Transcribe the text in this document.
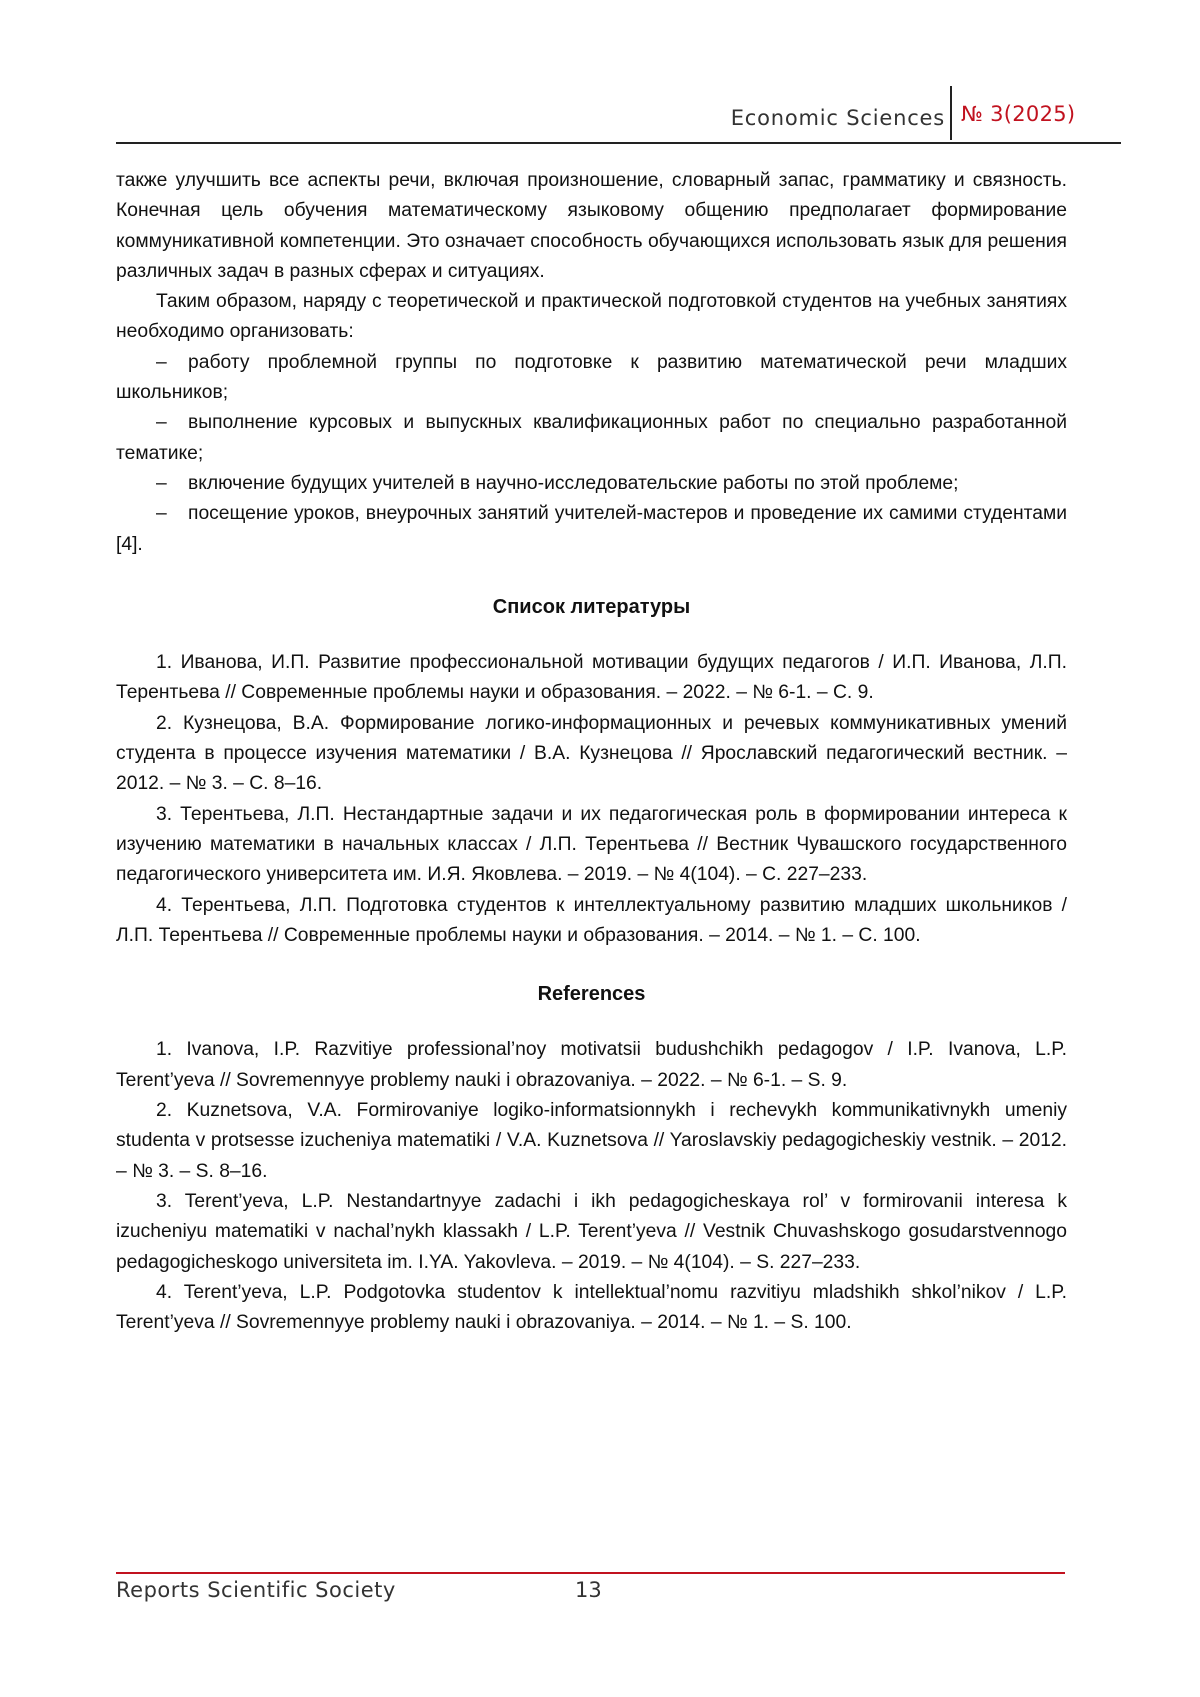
Economic Sciences № 3(2025)

также улучшить все аспекты речи, включая произношение, словарный запас, грамматику и связность. Конечная цель обучения математическому языковому общению предполагает формирование коммуникативной компетенции. Это означает способность обучающихся использовать язык для решения различных задач в разных сферах и ситуациях.

Таким образом, наряду с теоретической и практической подготовкой студентов на учебных занятиях необходимо организовать:

– работу проблемной группы по подготовке к развитию математической речи младших школьников;

– выполнение курсовых и выпускных квалификационных работ по специально разработанной тематике;

– включение будущих учителей в научно-исследовательские работы по этой проблеме;

– посещение уроков, внеурочных занятий учителей-мастеров и проведение их самими студентами [4].

Список литературы

1. Иванова, И.П. Развитие профессиональной мотивации будущих педагогов / И.П. Иванова, Л.П. Терентьева // Современные проблемы науки и образования. – 2022. – № 6-1. – С. 9.

2. Кузнецова, В.А. Формирование логико-информационных и речевых коммуникативных умений студента в процессе изучения математики / В.А. Кузнецова // Ярославский педагогический вестник. – 2012. – № 3. – С. 8–16.

3. Терентьева, Л.П. Нестандартные задачи и их педагогическая роль в формировании интереса к изучению математики в начальных классах / Л.П. Терентьева // Вестник Чувашского государственного педагогического университета им. И.Я. Яковлева. – 2019. – № 4(104). – С. 227–233.

4. Терентьева, Л.П. Подготовка студентов к интеллектуальному развитию младших школьников / Л.П. Терентьева // Современные проблемы науки и образования. – 2014. – № 1. – С. 100.

References

1. Ivanova, I.P. Razvitiye professional’noy motivatsii budushchikh pedagogov / I.P. Ivanova, L.P. Terent’yeva // Sovremennyye problemy nauki i obrazovaniya. – 2022. – № 6-1. – S. 9.

2. Kuznetsova, V.A. Formirovaniye logiko-informatsionnykh i rechevykh kommunikativnykh umeniy studenta v protsesse izucheniya matematiki / V.A. Kuznetsova // Yaroslavskiy pedagogicheskiy vestnik. – 2012. – № 3. – S. 8–16.

3. Terent’yeva, L.P. Nestandartnyye zadachi i ikh pedagogicheskaya rol’ v formirovanii interesa k izucheniyu matematiki v nachal’nykh klassakh / L.P. Terent’yeva // Vestnik Chuvashskogo gosudarstvennogo pedagogicheskogo universiteta im. I.YA. Yakovleva. – 2019. – № 4(104). – S. 227–233.

4. Terent’yeva, L.P. Podgotovka studentov k intellektual’nomu razvitiyu mladshikh shkol’nikov / L.P. Terent’yeva // Sovremennyye problemy nauki i obrazovaniya. – 2014. – № 1. – S. 100.

Reports Scientific Society	13
